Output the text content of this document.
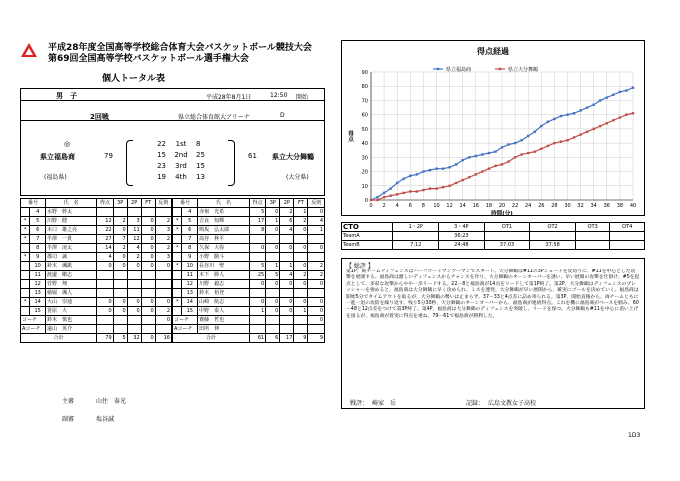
平成28年度全国高等学校総合体育大会バスケットボール競技大会
第69回全国高等学校バスケットボール選手権大会
個人トータル表
男　子	平成28年8月1日	12:50 開始
2回戦	県立総合体育館大アリーナ	D
◎
県立福島商	79
(福島県)
県立大分舞鶴
61
(大分県)
22	1st	8
15	2nd	25
23	3rd	15
19	4th	13
番号		氏　名	得点	3P	2P	FT	反則
	4	水野　幹太					
*	5	川野　健	12	2	3	0	2
*	6	木口　雄之亮	22	0	11	0	3
*	7	半澤　一貴	27	7	12	0	2
	8	半澤　凌太	14	2	4	0	2
*	9	郡司　誠	4	0	2	0	3
	10	鈴木　颯凱	0	0	0	0	0
	11	渡邊　剛志					
	12	菅野　翔					
	13	稲堀　颯人					
*	14	大山　崇通	0	0	0	0	0
	15	笹原　大	0	0	0	0	2
コーチ		鈴木　慎也					0
Aコーチ		遠山　英介					
合計			79	5	32	0	16
番号		氏　名	得点	3P	2P	FT	反則
	4	赤嶺　光希	5	0	2	1	0
*	5	吉良　知輝	17	1	6	2	4
*	6	鳴坂　弘太郎	8	0	4	0	1
	7	髙谷　柊平					
*	8	久保　大弥	0	0	0	0	0
	9	小野　駿斗					
*	10	長谷川　聖	5	1	1	0	2
	11	木下　勝人	25	5	4	2	2
	12	川野　毅志	0	0	0	0	0
	13	鈴木　裕登					
*	14	山崎　航志	0	0	0	0	0
	15	中野　泰人	1	0	0	1	0
コーチ		齋藤　哲也					0
Aコーチ		田所　伸					
合計			61	6	17	9	9
主審	山住　泰光
副審	塩谷誠
得点経過
0
10
20
30
40
50
60
70
80
90
0 2 4 6 8 10 12 14 16 18 20 22 24 26 28 30 32 34 36 38 40
時間(分)
得点
県立福島商	県立大分舞鶴
CTO	1・2P	3・4P	OT1	OT2	OT3	OT4
TeamA		36:23				
TeamB	7:12	24:48	37:03	37:58		
【 総評 】
第1P、両チームディフェンスはハーフコートマンツーマンでスタート。大分舞鶴は#11の3Pシュートを皮切りに、#11を中心とした攻撃を展開する。福島商は激しいディフェンスからチャンスを作り、大分舞鶴のターンオーバーを誘い、早い展開の攻撃を仕掛け、#5を起点として、多彩な攻撃からやや一歩リードする。22－8と福島商が14点をリードして第1P終了。第2P、大分舞鶴はディフェンスのプレッシャーを強めると、福島商は大分舞鶴に早く攻められ、ミスを連発。大分舞鶴が早い展開から、確実にゴールを決めていく。福島商は開始5分でタイムアウトを取るが、大分舞鶴の勢いは止まらず、37－33と4点差に詰め寄られる。第3P、開始直後から、両チームともに一進一退の攻防を繰り返す。残り5分30秒、大分舞鶴のターンオーバーから、福島商が連続得点。これを機に福島商がペースを掴み、60－48と12点差をつけて第3P終了。第4P、福島商は大分舞鶴のディフェンスを突破し、リードを保つ。大分舞鶴も#11を中心に追い上げを図るが、福島商が着実に得点を重ね、79－61で福島商が勝利した。
戦評： 崎家　岳	記録： 広島文教女子高校
1D3
